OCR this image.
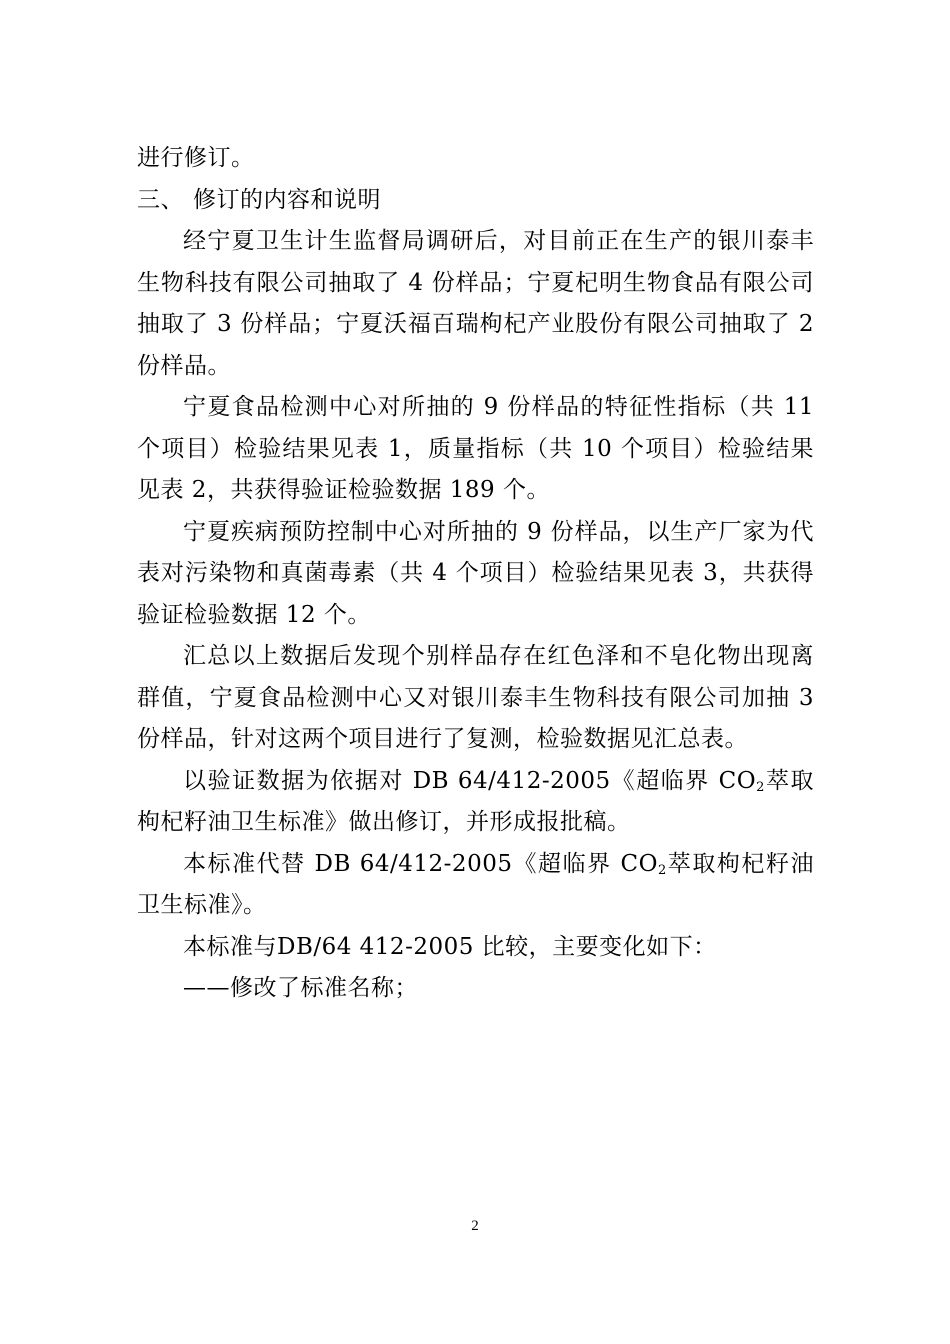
进行修订。

三、 修订的内容和说明

经宁夏卫生计生监督局调研后，对目前正在生产的银川泰丰生物科技有限公司抽取了 4 份样品；宁夏杞明生物食品有限公司抽取了 3 份样品；宁夏沃福百瑞枸杞产业股份有限公司抽取了 2 份样品。

宁夏食品检测中心对所抽的 9 份样品的特征性指标（共 11 个项目）检验结果见表 1，质量指标（共 10 个项目）检验结果见表 2，共获得验证检验数据 189 个。

宁夏疾病预防控制中心对所抽的 9 份样品，以生产厂家为代表对污染物和真菌毒素（共 4 个项目）检验结果见表 3，共获得验证检验数据 12 个。

汇总以上数据后发现个别样品存在红色泽和不皂化物出现离群值，宁夏食品检测中心又对银川泰丰生物科技有限公司加抽 3 份样品，针对这两个项目进行了复测，检验数据见汇总表。

以验证数据为依据对 DB 64/412-2005《超临界 $CO_2$萃取枸杞籽油卫生标准》做出修订，并形成报批稿。

本标准代替 DB 64/412-2005《超临界 $CO_2$萃取枸杞籽油卫生标准》。

本标准与DB/64 412-2005 比较，主要变化如下：

——修改了标准名称；

2
